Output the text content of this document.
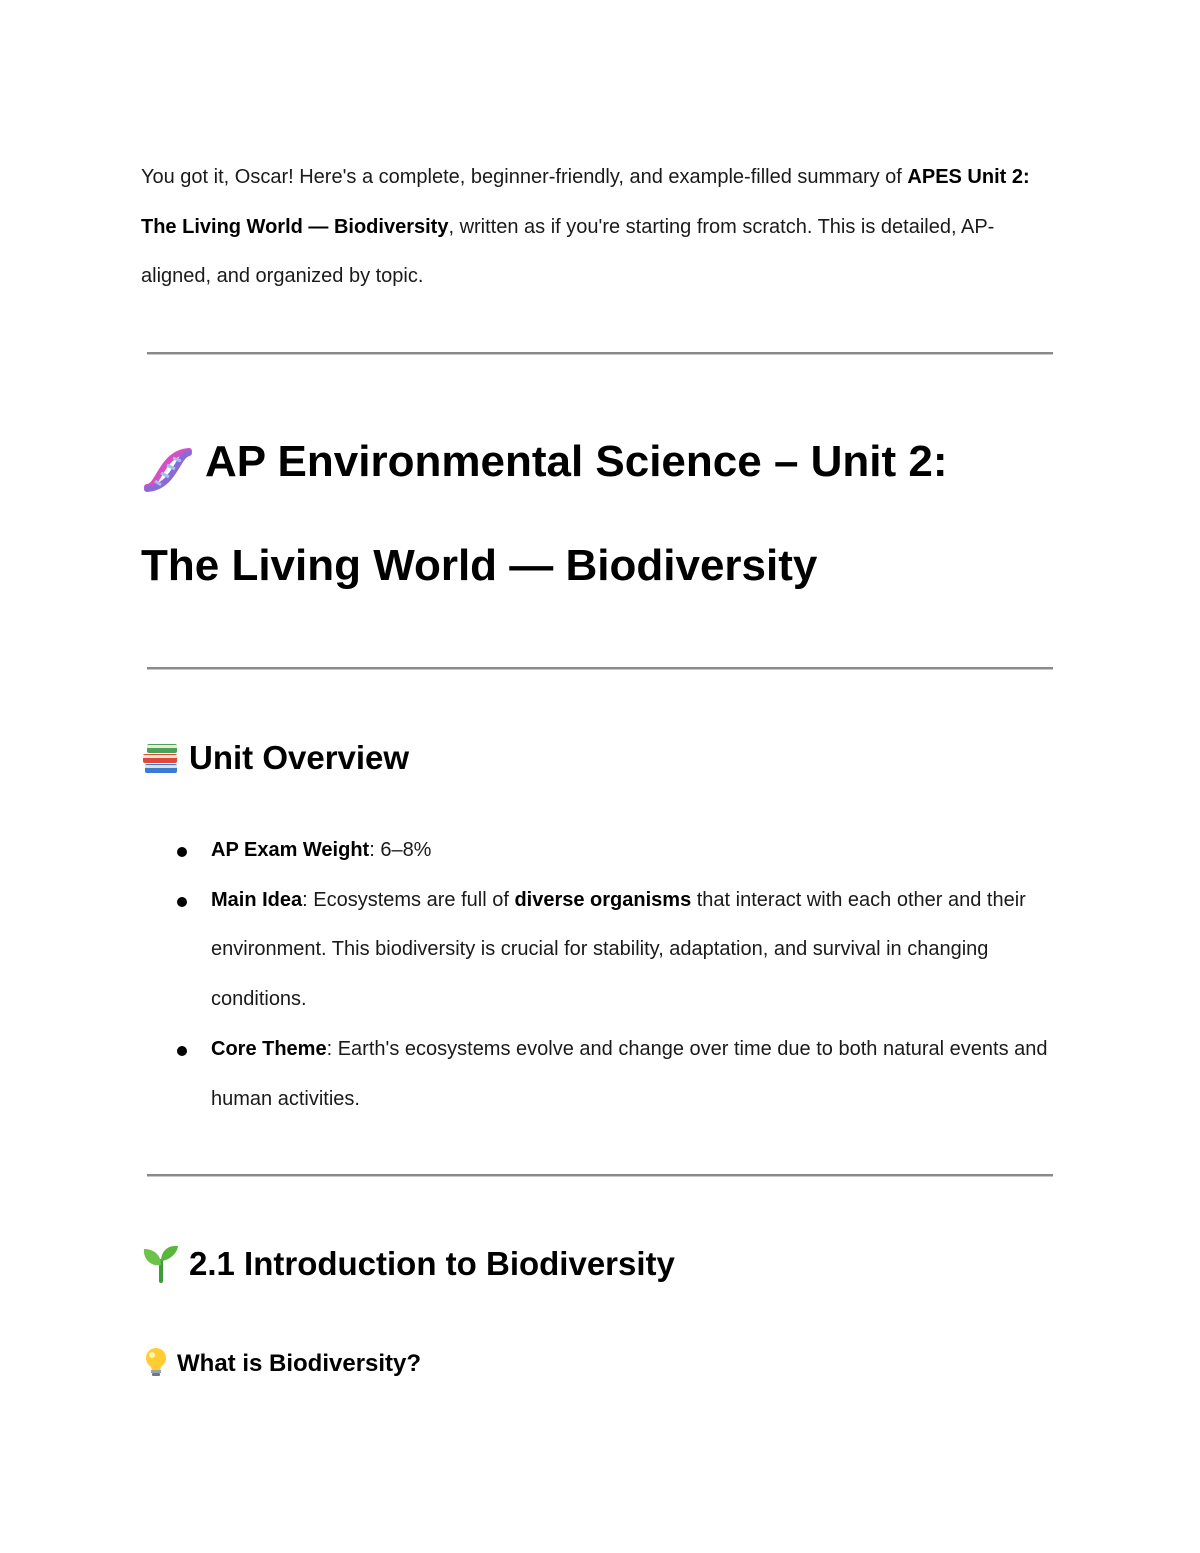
You got it, Oscar! Here's a complete, beginner-friendly, and example-filled summary of APES Unit 2: The Living World — Biodiversity, written as if you're starting from scratch. This is detailed, AP-aligned, and organized by topic.

AP Environmental Science – Unit 2:
The Living World — Biodiversity
Unit Overview
AP Exam Weight: 6–8%
Main Idea: Ecosystems are full of diverse organisms that interact with each other and their environment. This biodiversity is crucial for stability, adaptation, and survival in changing conditions.
Core Theme: Earth's ecosystems evolve and change over time due to both natural events and human activities.
2.1 Introduction to Biodiversity
What is Biodiversity?
